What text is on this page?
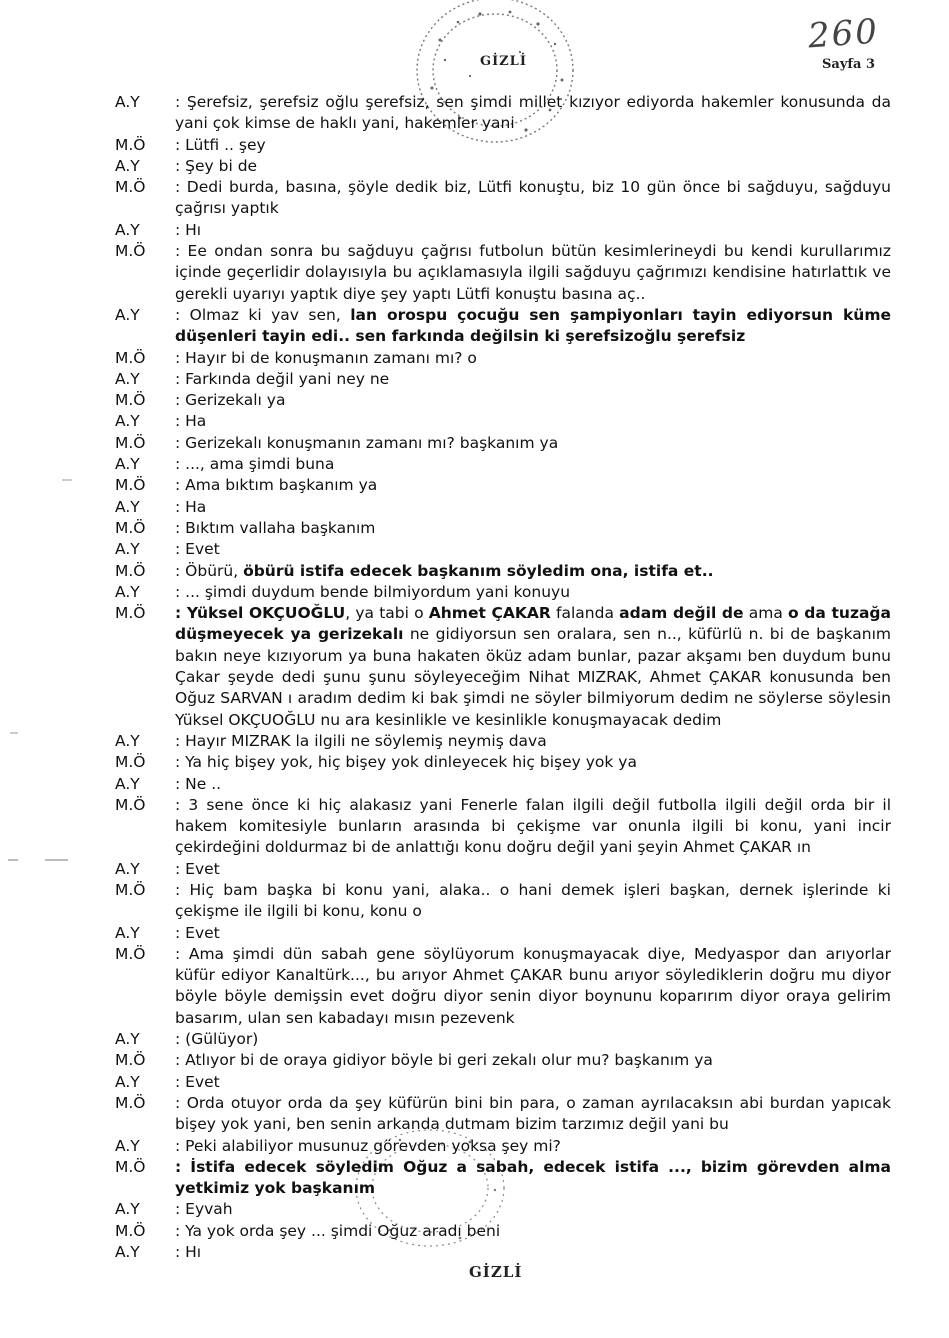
260
GİZLİ	Sayfa 3
A.Y	: Şerefsiz, şerefsiz oğlu şerefsiz, sen şimdi millet kızıyor ediyorda hakemler konusunda da yani çok kimse de haklı yani, hakemler yani
M.Ö	: Lütfi .. şey
A.Y	: Şey bi de
M.Ö	: Dedi burda, basına, şöyle dedik biz, Lütfi konuştu, biz 10 gün önce bi sağduyu, sağduyu çağrısı yaptık
A.Y	: Hı
M.Ö	: Ee ondan sonra bu sağduyu çağrısı futbolun bütün kesimlerineydi bu kendi kurullarımız içinde geçerlidir dolayısıyla bu açıklamasıyla ilgili sağduyu çağrımızı kendisine hatırlattık ve gerekli uyarıyı yaptık diye şey yaptı Lütfi konuştu basına aç..
A.Y	: Olmaz ki yav sen, lan orospu çocuğu sen şampiyonları tayin ediyorsun küme düşenleri tayin edi.. sen farkında değilsin ki şerefsizoğlu şerefsiz
M.Ö	: Hayır bi de konuşmanın zamanı mı? o
A.Y	: Farkında değil yani ney ne
M.Ö	: Gerizekalı ya
A.Y	: Ha
M.Ö	: Gerizekalı konuşmanın zamanı mı? başkanım ya
A.Y	: ..., ama şimdi buna
M.Ö	: Ama bıktım başkanım ya
A.Y	: Ha
M.Ö	: Bıktım vallaha başkanım
A.Y	: Evet
M.Ö	: Öbürü, öbürü istifa edecek başkanım söyledim ona, istifa et..
A.Y	: ... şimdi duydum bende bilmiyordum yani konuyu
M.Ö	: Yüksel OKÇUOĞLU, ya tabi o Ahmet ÇAKAR falanda adam değil de ama o da tuzağa düşmeyecek ya gerizekalı ne gidiyorsun sen oralara, sen n.., küfürlü n. bi de başkanım bakın neye kızıyorum ya buna hakaten öküz adam bunlar, pazar akşamı ben duydum bunu Çakar şeyde dedi şunu şunu söyleyeceğim Nihat MIZRAK, Ahmet ÇAKAR konusunda ben Oğuz SARVAN ı aradım dedim ki bak şimdi ne söyler bilmiyorum dedim ne söylerse söylesin Yüksel OKÇUOĞLU nu ara kesinlikle ve kesinlikle konuşmayacak dedim
A.Y	: Hayır MIZRAK la ilgili ne söylemiş neymiş dava
M.Ö	: Ya hiç bişey yok, hiç bişey yok dinleyecek hiç bişey yok ya
A.Y	: Ne ..
M.Ö	: 3 sene önce ki hiç alakasız yani Fenerle falan ilgili değil futbolla ilgili değil orda bir il hakem komitesiyle bunların arasında bi çekişme var onunla ilgili bi konu, yani incir çekirdeğini doldurmaz bi de anlattığı konu doğru değil yani şeyin Ahmet ÇAKAR ın
A.Y	: Evet
M.Ö	: Hiç bam başka bi konu yani, alaka.. o hani demek işleri başkan, dernek işlerinde ki çekişme ile ilgili bi konu, konu o
A.Y	: Evet
M.Ö	: Ama şimdi dün sabah gene söylüyorum konuşmayacak diye, Medyaspor dan arıyorlar küfür ediyor Kanaltürk..., bu arıyor Ahmet ÇAKAR bunu arıyor söylediklerin doğru mu diyor böyle böyle demişsin evet doğru diyor senin diyor boynunu koparırım diyor oraya gelirim basarım, ulan sen kabadayı mısın pezevenk
A.Y	: (Gülüyor)
M.Ö	: Atlıyor bi de oraya gidiyor böyle bi geri zekalı olur mu? başkanım ya
A.Y	: Evet
M.Ö	: Orda otuyor orda da şey küfürün bini bin para, o zaman ayrılacaksın abi burdan yapıcak bişey yok yani, ben senin arkanda dutmam bizim tarzımız değil yani bu
A.Y	: Peki alabiliyor musunuz görevden yoksa şey mi?
M.Ö	: İstifa edecek söyledim Oğuz a sabah, edecek istifa ..., bizim görevden alma yetkimiz yok başkanım
A.Y	: Eyvah
M.Ö	: Ya yok orda şey ... şimdi Oğuz aradı beni
A.Y	: Hı
GİZLİ
